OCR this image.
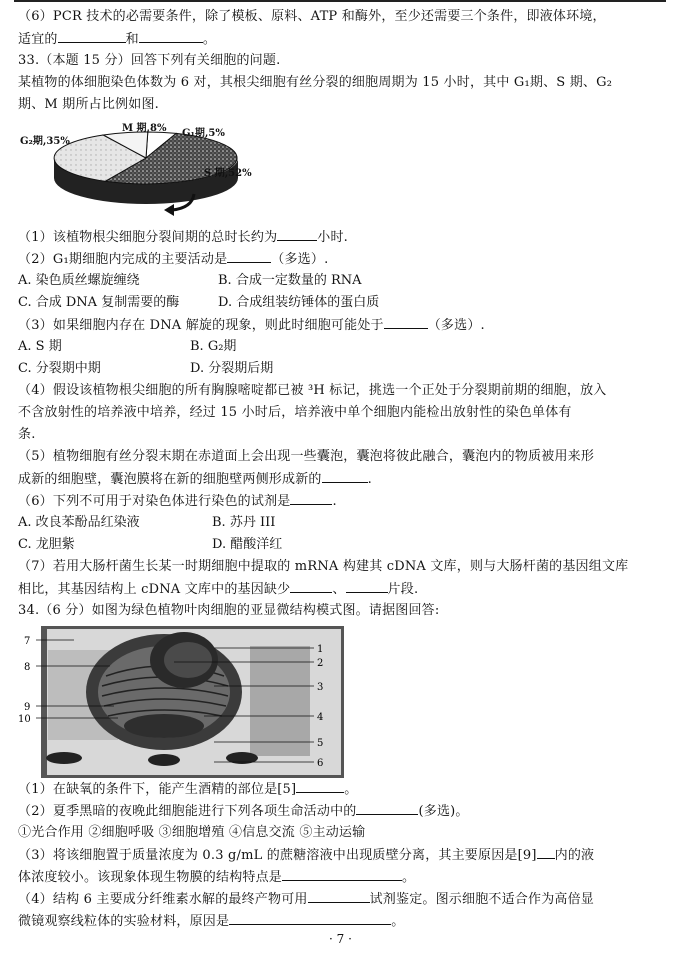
（6）PCR 技术的必需要条件，除了模板、原料、ATP 和酶外，至少还需要三个条件，即液体环境，
适宜的	和	。
33.（本题 15 分）回答下列有关细胞的问题.
某植物的体细胞染色体数为 6 对，其根尖细胞有丝分裂的细胞周期为 15 小时，其中 G₁期、S 期、G₂
期、M 期所占比例如图.
G₂期,35%
M 期,8% G₁期,5%
S 期,52%
（1）该植物根尖细胞分裂间期的总时长约为	小时.
（2）G₁期细胞内完成的主要活动是	（多选）.
A. 染色质丝螺旋缠绕	B. 合成一定数量的 RNA
C. 合成 DNA 复制需要的酶	D. 合成组装纺锤体的蛋白质
（3）如果细胞内存在 DNA 解旋的现象，则此时细胞可能处于	（多选）.
A. S 期	B. G₂期
C. 分裂期中期	D. 分裂期后期
（4）假设该植物根尖细胞的所有胸腺嘧啶都已被 ³H 标记，挑选一个正处于分裂期前期的细胞，放入
不含放射性的培养液中培养，经过 15 小时后，培养液中单个细胞内能检出放射性的染色单体有
条.
（5）植物细胞有丝分裂末期在赤道面上会出现一些囊泡，囊泡将彼此融合，囊泡内的物质被用来形
成新的细胞壁，囊泡膜将在新的细胞壁两侧形成新的	.
（6）下列不可用于对染色体进行染色的试剂是	.
A. 改良苯酚品红染液	B. 苏丹 III
C. 龙胆紫	D. 醋酸洋红
（7）若用大肠杆菌生长某一时期细胞中提取的 mRNA 构建其 cDNA 文库，则与大肠杆菌的基因组文库
相比，其基因结构上 cDNA 文库中的基因缺少	、	片段.
34.（6 分）如图为绿色植物叶肉细胞的亚显微结构模式图。请据图回答:
7
8
9
10
1
2
3
4
5
6
（1）在缺氧的条件下，能产生酒精的部位是[5]	。
（2）夏季黑暗的夜晚此细胞能进行下列各项生命活动中的	(多选)。
①光合作用 ②细胞呼吸 ③细胞增殖 ④信息交流 ⑤主动运输
（3）将该细胞置于质量浓度为 0.3 g/mL 的蔗糖溶液中出现质壁分离，其主要原因是[9] 内的液
体浓度较小。该现象体现生物膜的结构特点是	。
（4）结构 6 主要成分纤维素水解的最终产物可用	试剂鉴定。图示细胞不适合作为高倍显
微镜观察线粒体的实验材料，原因是	。
· 7 ·
